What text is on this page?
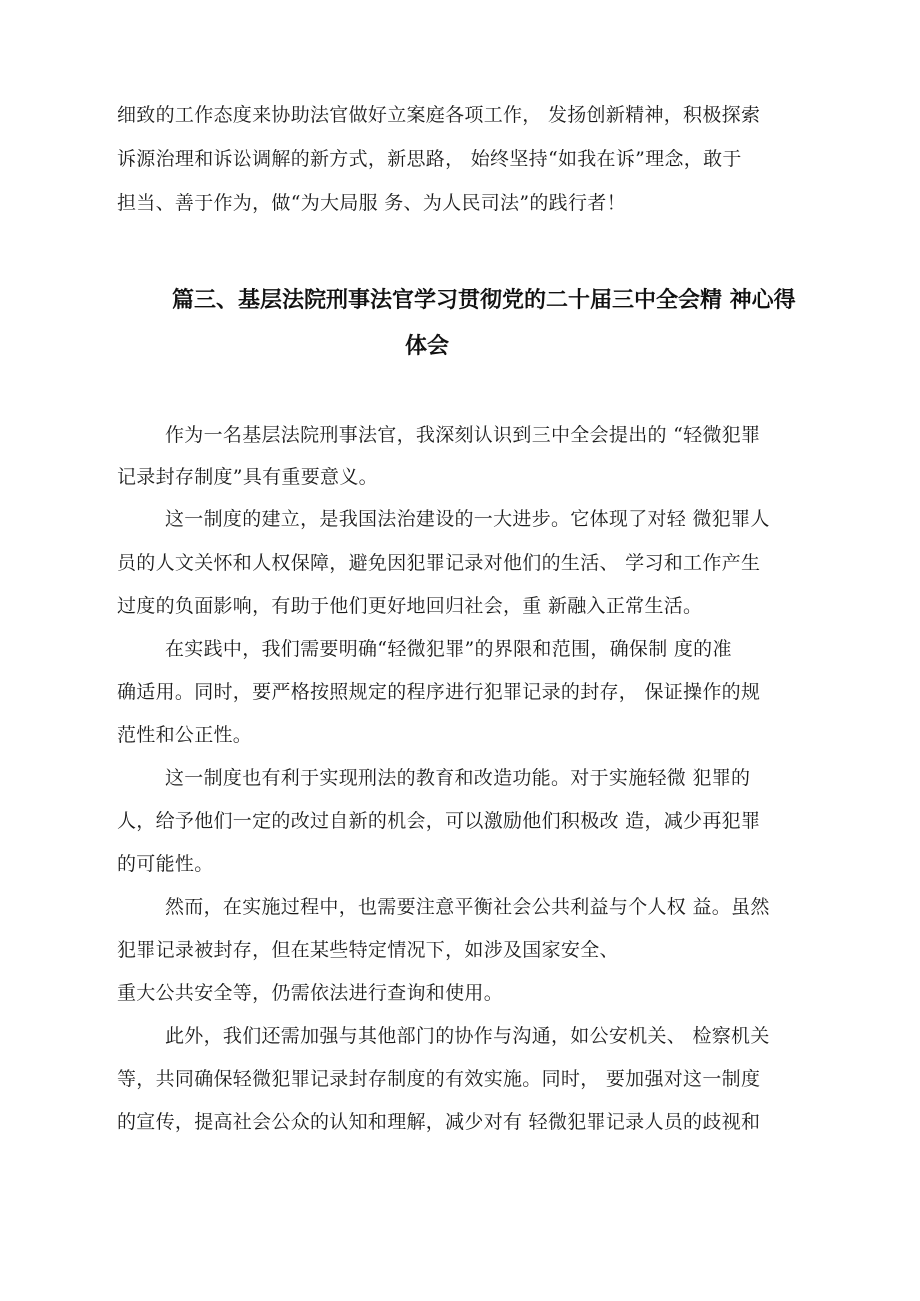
细致的工作态度来协助法官做好立案庭各项工作， 发扬创新精神，积极探索
诉源治理和诉讼调解的新方式，新思路， 始终坚持“如我在诉”理念，敢于
担当、善于作为，做“为大局服 务、为人民司法”的践行者！
篇三、基层法院刑事法官学习贯彻党的二十届三中全会精 神心得
体会
作为一名基层法院刑事法官，我深刻认识到三中全会提出的 “轻微犯罪
记录封存制度”具有重要意义。
这一制度的建立，是我国法治建设的一大进步。它体现了对轻 微犯罪人
员的人文关怀和人权保障，避免因犯罪记录对他们的生活、 学习和工作产生
过度的负面影响，有助于他们更好地回归社会，重 新融入正常生活。
在实践中，我们需要明确“轻微犯罪”的界限和范围，确保制 度的准
确适用。同时，要严格按照规定的程序进行犯罪记录的封存， 保证操作的规
范性和公正性。
这一制度也有利于实现刑法的教育和改造功能。对于实施轻微 犯罪的
人，给予他们一定的改过自新的机会，可以激励他们积极改 造，减少再犯罪
的可能性。
然而，在实施过程中，也需要注意平衡社会公共利益与个人权 益。虽然
犯罪记录被封存，但在某些特定情况下，如涉及国家安全、
重大公共安全等，仍需依法进行查询和使用。
此外，我们还需加强与其他部门的协作与沟通，如公安机关、 检察机关
等，共同确保轻微犯罪记录封存制度的有效实施。同时， 要加强对这一制度
的宣传，提高社会公众的认知和理解，减少对有 轻微犯罪记录人员的歧视和
